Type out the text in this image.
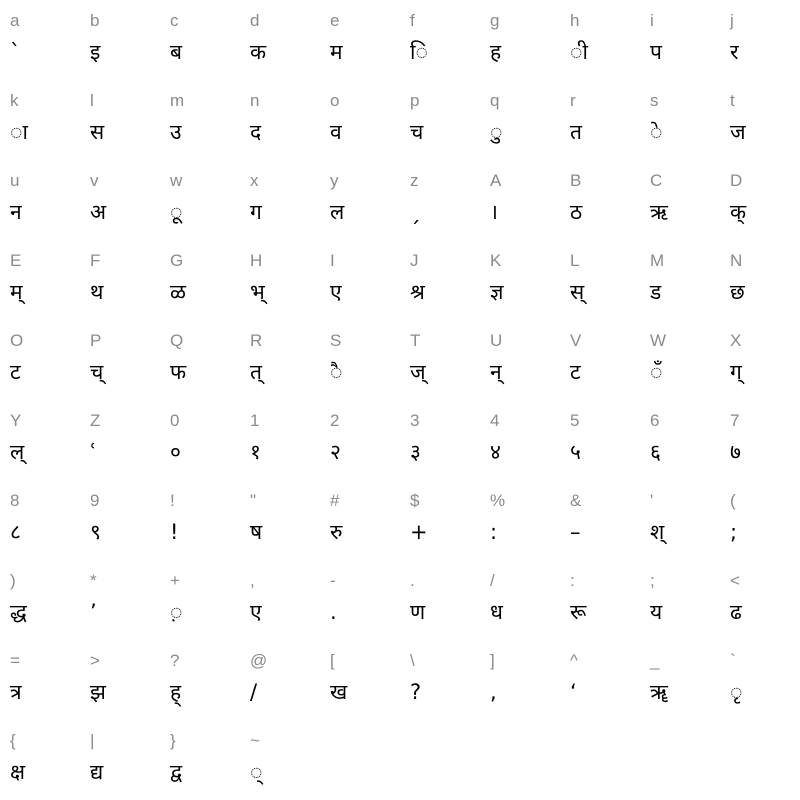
a
ˋ
b
इ
c
ब
d
क
e
म
f
ि
g
ह
h
ी
i
प
j
र
k
ा
l
स
m
उ
n
द
o
व
p
च
q
ु
r
त
s
े
t
ज
u
न
v
अ
w
ू
x
ग
y
ल
z
ˏ
A
।
B
ठ
C
ऋ
D
क्
E
म्
F
थ
G
ळ
H
भ्
I
ए
J
श्र
K
ज्ञ
L
स्
M
ड
N
छ
O
ट
P
च्
Q
फ
R
त्
S
ै
T
ज्
U
न्
V
ट
W
ँ
X
ग्
Y
ल्
Z
ʿ
0
०
1
१
2
२
3
३
4
४
5
५
6
६
7
७
8
८
9
९
!
!
"
ष
#
रु
$
+
%
:
&
–
'
श्
(
;
)
द्ध
*
’
+
़
,
ए
-
.
.
ण
/
ध
:
रू
;
य
<
ढ
=
त्र
>
झ
?
ह्
@
/
[
ख
\
?
]
,
^
‘
_
ॠ
`
ृ
{
क्ष
|
द्य
}
द्व
~
्
